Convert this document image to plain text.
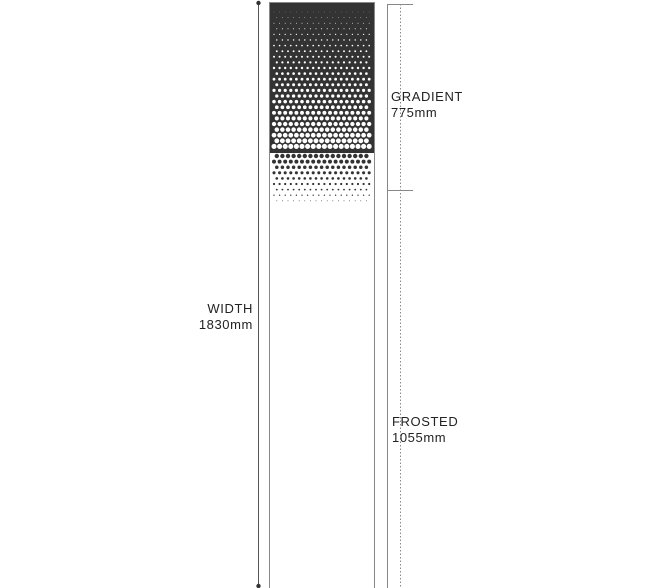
WIDTH
1830mm
GRADIENT
775mm
FROSTED
1055mm
